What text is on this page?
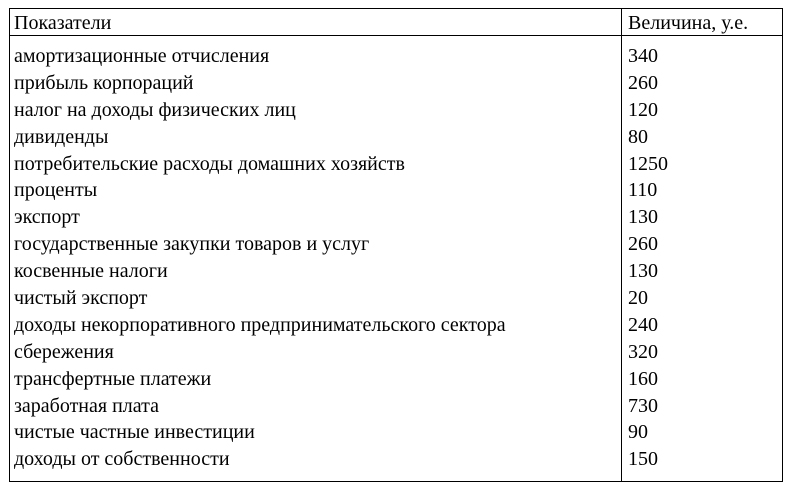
Показатели	Величина, у.е.
амортизационные отчисления	340
прибыль корпораций	260
налог на доходы физических лиц	120
дивиденды	80
потребительские расходы домашних хозяйств	1250
проценты	110
экспорт	130
государственные закупки товаров и услуг	260
косвенные налоги	130
чистый экспорт	20
доходы некорпоративного предпринимательского сектора	240
сбережения	320
трансфертные платежи	160
заработная плата	730
чистые частные инвестиции	90
доходы от собственности	150
